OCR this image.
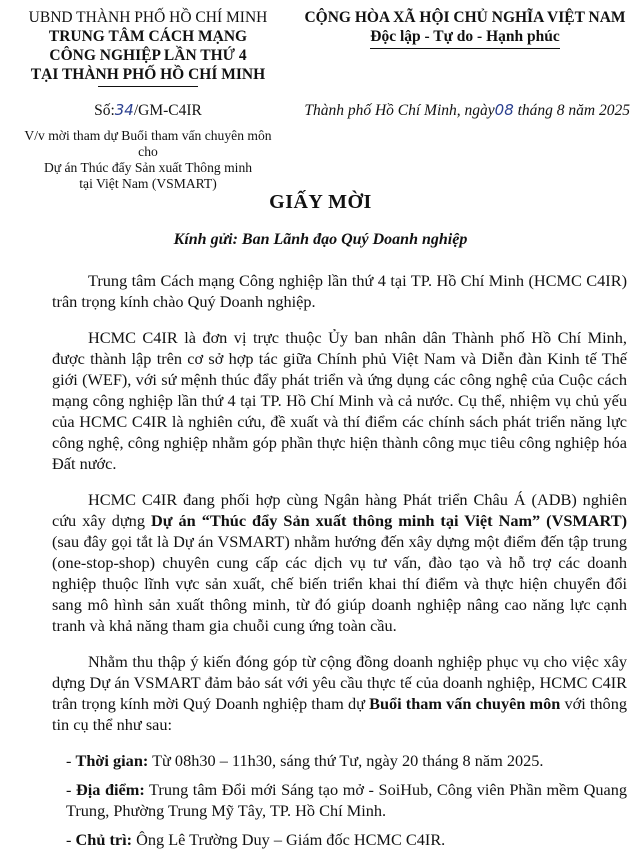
UBND THÀNH PHỐ HỒ CHÍ MINH
TRUNG TÂM CÁCH MẠNG
CÔNG NGHIỆP LẦN THỨ 4
TẠI THÀNH PHỐ HỒ CHÍ MINH
CỘNG HÒA XÃ HỘI CHỦ NGHĨA VIỆT NAM
Độc lập - Tự do - Hạnh phúc
Số:34/GM-C4IR	Thành phố Hồ Chí Minh, ngày08 tháng 8 năm 2025
V/v mời tham dự Buổi tham vấn chuyên môn cho
Dự án Thúc đẩy Sản xuất Thông minh
tại Việt Nam (VSMART)
GIẤY MỜI
Kính gửi: Ban Lãnh đạo Quý Doanh nghiệp

Trung tâm Cách mạng Công nghiệp lần thứ 4 tại TP. Hồ Chí Minh (HCMC C4IR) trân trọng kính chào Quý Doanh nghiệp.

HCMC C4IR là đơn vị trực thuộc Ủy ban nhân dân Thành phố Hồ Chí Minh, được thành lập trên cơ sở hợp tác giữa Chính phủ Việt Nam và Diễn đàn Kinh tế Thế giới (WEF), với sứ mệnh thúc đẩy phát triển và ứng dụng các công nghệ của Cuộc cách mạng công nghiệp lần thứ 4 tại TP. Hồ Chí Minh và cả nước. Cụ thể, nhiệm vụ chủ yếu của HCMC C4IR là nghiên cứu, đề xuất và thí điểm các chính sách phát triển năng lực công nghệ, công nghiệp nhằm góp phần thực hiện thành công mục tiêu công nghiệp hóa Đất nước.

HCMC C4IR đang phối hợp cùng Ngân hàng Phát triển Châu Á (ADB) nghiên cứu xây dựng Dự án “Thúc đẩy Sản xuất thông minh tại Việt Nam” (VSMART) (sau đây gọi tắt là Dự án VSMART) nhằm hướng đến xây dựng một điểm đến tập trung (one-stop-shop) chuyên cung cấp các dịch vụ tư vấn, đào tạo và hỗ trợ các doanh nghiệp thuộc lĩnh vực sản xuất, chế biến triển khai thí điểm và thực hiện chuyển đổi sang mô hình sản xuất thông minh, từ đó giúp doanh nghiệp nâng cao năng lực cạnh tranh và khả năng tham gia chuỗi cung ứng toàn cầu.

Nhằm thu thập ý kiến đóng góp từ cộng đồng doanh nghiệp phục vụ cho việc xây dựng Dự án VSMART đảm bảo sát với yêu cầu thực tế của doanh nghiệp, HCMC C4IR trân trọng kính mời Quý Doanh nghiệp tham dự Buổi tham vấn chuyên môn với thông tin cụ thể như sau:

- Thời gian: Từ 08h30 – 11h30, sáng thứ Tư, ngày 20 tháng 8 năm 2025.

- Địa điểm: Trung tâm Đổi mới Sáng tạo mở - SoiHub, Công viên Phần mềm Quang Trung, Phường Trung Mỹ Tây, TP. Hồ Chí Minh.

- Chủ trì: Ông Lê Trường Duy – Giám đốc HCMC C4IR.
